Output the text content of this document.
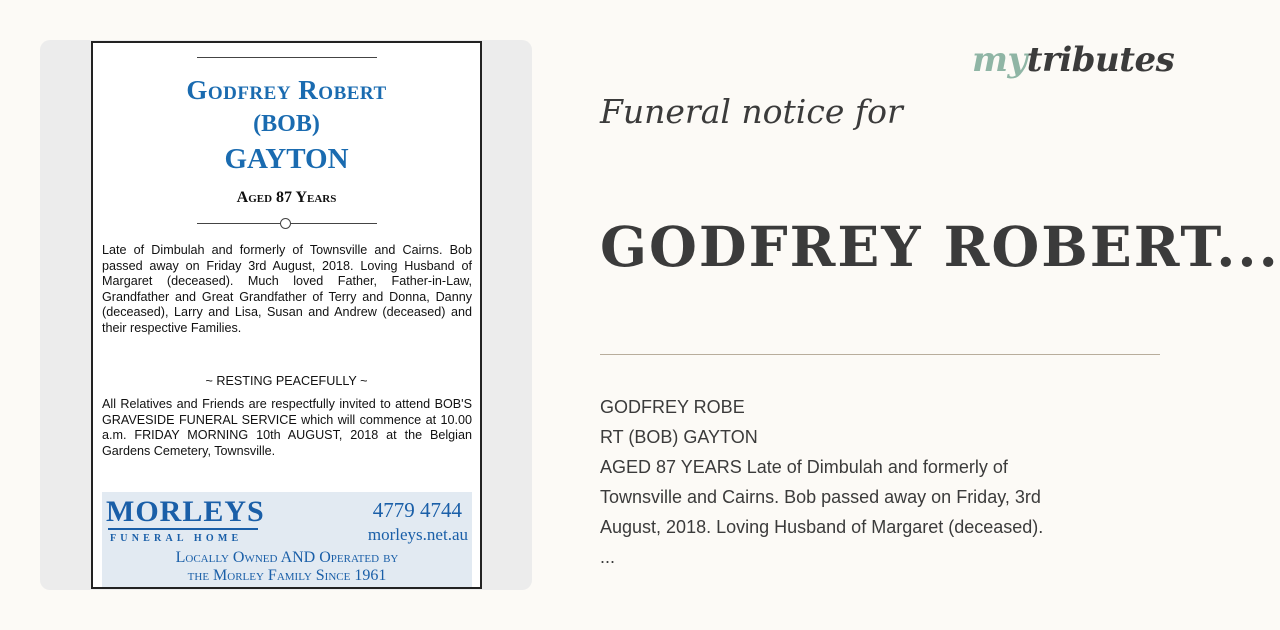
Godfrey Robert
(BOB)
GAYTON
Aged 87 Years
Late of Dimbulah and formerly of Townsville and Cairns. Bob passed away on Friday 3rd August, 2018. Loving Husband of Margaret (deceased). Much loved Father, Father-in-Law, Grandfather and Great Grandfather of Terry and Donna, Danny (deceased), Larry and Lisa, Susan and Andrew (deceased) and their respective Families.
~ RESTING PEACEFULLY ~
All Relatives and Friends are respectfully invited to attend BOB'S GRAVESIDE FUNERAL SERVICE which will commence at 10.00 a.m. FRIDAY MORNING 10th AUGUST, 2018 at the Belgian Gardens Cemetery, Townsville.
MORLEYS
FUNERAL HOME
4779 4744
morleys.net.au
Locally Owned AND Operated by
the Morley Family Since 1961
mytributes
Funeral notice for
GODFREY ROBERT...
GODFREY ROBE
RT (BOB) GAYTON
AGED 87 YEARS Late of Dimbulah and formerly of
Townsville and Cairns. Bob passed away on Friday, 3rd
August, 2018. Loving Husband of Margaret (deceased).
...
